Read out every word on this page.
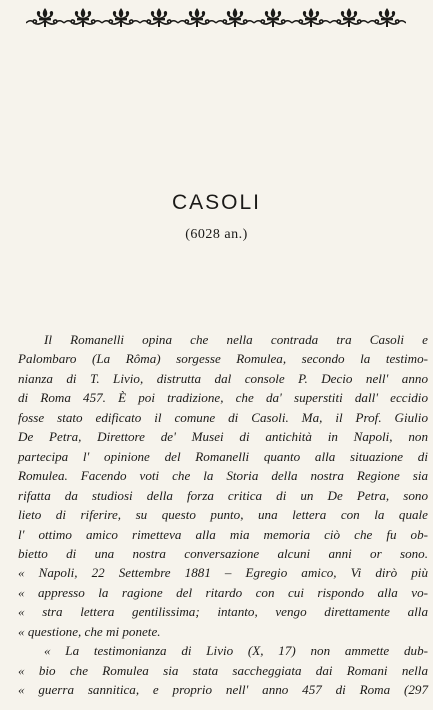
CASOLI
(6028 an.)
Il Romanelli opina che nella contrada tra Casoli e
Palombaro (La Rôma) sorgesse Romulea, secondo la testimo-
nianza di T. Livio, distrutta dal console P. Decio nell' anno
di Roma 457. È poi tradizione, che da' superstiti dall' eccidio
fosse stato edificato il comune di Casoli. Ma, il Prof. Giulio
De Petra, Direttore de' Musei di antichità in Napoli, non
partecipa l' opinione del Romanelli quanto alla situazione di
Romulea. Facendo voti che la Storia della nostra Regione sia
rifatta da studiosi della forza critica di un De Petra, sono
lieto di riferire, su questo punto, una lettera con la quale
l' ottimo amico rimetteva alla mia memoria ciò che fu ob-
bietto di una nostra conversazione alcuni anni or sono.
« Napoli, 22 Settembre 1881 – Egregio amico, Vi dirò più
« appresso la ragione del ritardo con cui rispondo alla vo-
« stra lettera gentilissima; intanto, vengo direttamente alla
« questione, che mi ponete.
« La testimonianza di Livio (X, 17) non ammette dub-
« bio che Romulea sia stata saccheggiata dai Romani nella
« guerra sannitica, e proprio nell' anno 457 di Roma (297
